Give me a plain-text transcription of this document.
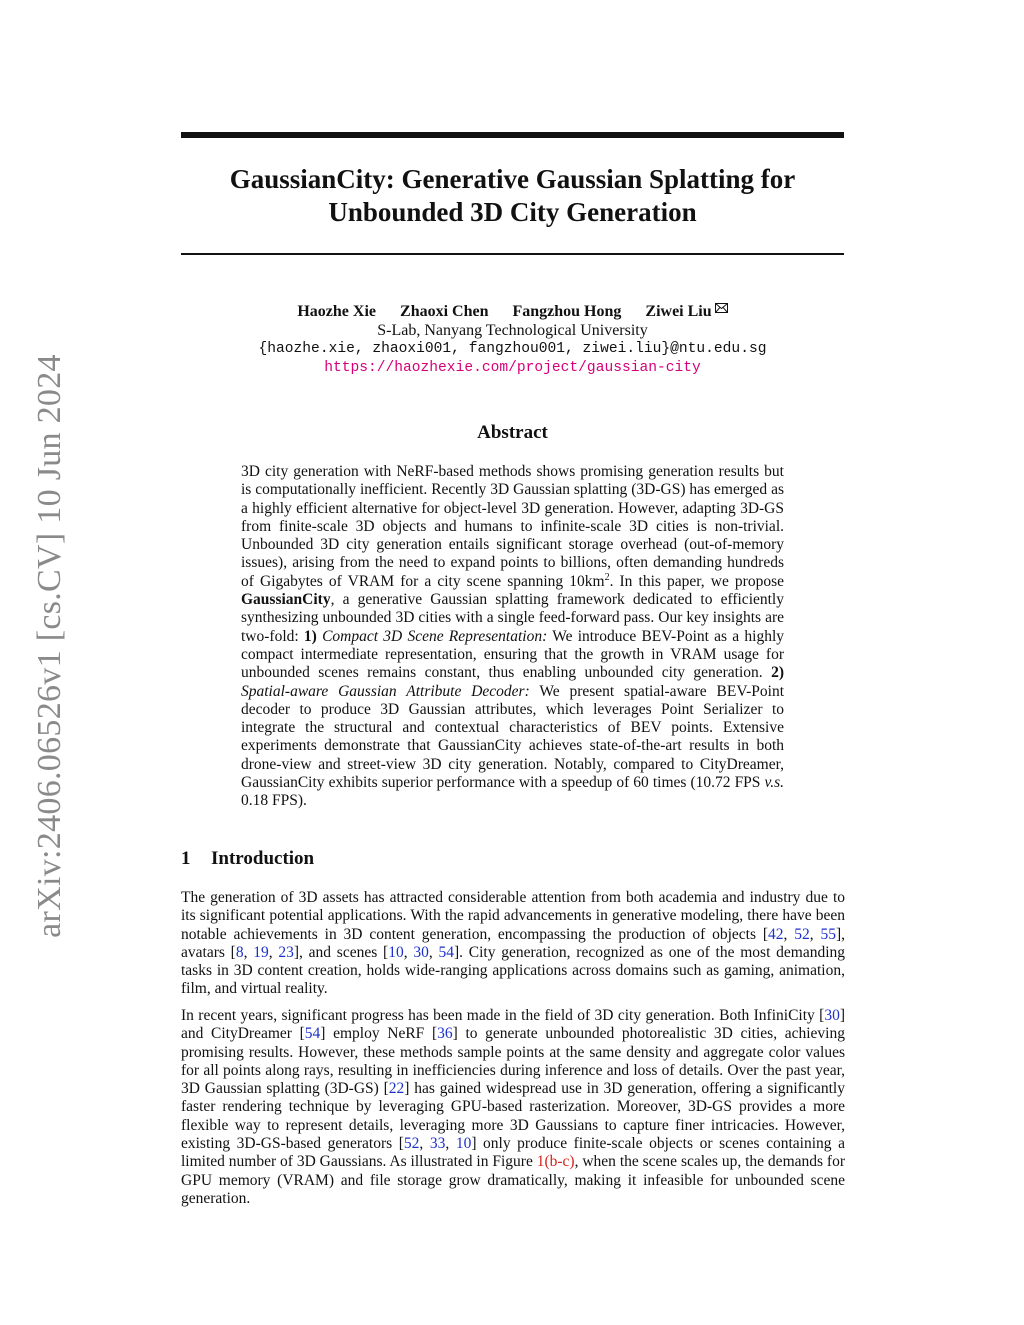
arXiv:2406.06526v1 [cs.CV] 10 Jun 2024
GaussianCity: Generative Gaussian Splatting for
Unbounded 3D City Generation
Haozhe Xie Zhaoxi Chen Fangzhou Hong Ziwei Liu
S-Lab, Nanyang Technological University
{haozhe.xie, zhaoxi001, fangzhou001, ziwei.liu}@ntu.edu.sg
https://haozhexie.com/project/gaussian-city
Abstract

3D city generation with NeRF-based methods shows promising generation results but is computationally inefficient. Recently 3D Gaussian splatting (3D-GS) has emerged as a highly efficient alternative for object-level 3D generation. However, adapting 3D-GS from finite-scale 3D objects and humans to infinite-scale 3D cities is non-trivial. Unbounded 3D city generation entails significant storage overhead (out-of-memory issues), arising from the need to expand points to billions, often demanding hundreds of Gigabytes of VRAM for a city scene spanning $10km^2$. In this paper, we propose GaussianCity, a generative Gaussian splatting framework dedicated to efficiently synthesizing unbounded 3D cities with a single feed-forward pass. Our key insights are two-fold: 1) Compact 3D Scene Representation: We introduce BEV-Point as a highly compact intermediate representation, ensuring that the growth in VRAM usage for unbounded scenes remains constant, thus enabling unbounded city generation. 2) Spatial-aware Gaussian Attribute Decoder: We present spatial-aware BEV-Point decoder to produce 3D Gaussian attributes, which leverages Point Serializer to integrate the structural and contextual characteristics of BEV points. Extensive experiments demonstrate that GaussianCity achieves state-of-the-art results in both drone-view and street-view 3D city generation. Notably, compared to CityDreamer, GaussianCity exhibits superior performance with a speedup of 60 times (10.72 FPS v.s. 0.18 FPS).

1 Introduction

The generation of 3D assets has attracted considerable attention from both academia and industry due to its significant potential applications. With the rapid advancements in generative modeling, there have been notable achievements in 3D content generation, encompassing the production of objects [42, 52, 55], avatars [8, 19, 23], and scenes [10, 30, 54]. City generation, recognized as one of the most demanding tasks in 3D content creation, holds wide-ranging applications across domains such as gaming, animation, film, and virtual reality.

In recent years, significant progress has been made in the field of 3D city generation. Both InfiniCity [30] and CityDreamer [54] employ NeRF [36] to generate unbounded photorealistic 3D cities, achieving promising results. However, these methods sample points at the same density and aggregate color values for all points along rays, resulting in inefficiencies during inference and loss of details. Over the past year, 3D Gaussian splatting (3D-GS) [22] has gained widespread use in 3D generation, offering a significantly faster rendering technique by leveraging GPU-based rasterization. Moreover, 3D-GS provides a more flexible way to represent details, leveraging more 3D Gaussians to capture finer intricacies. However, existing 3D-GS-based generators [52, 33, 10] only produce finite-scale objects or scenes containing a limited number of 3D Gaussians. As illustrated in Figure 1(b-c), when the scene scales up, the demands for GPU memory (VRAM) and file storage grow dramatically, making it infeasible for unbounded scene generation.
